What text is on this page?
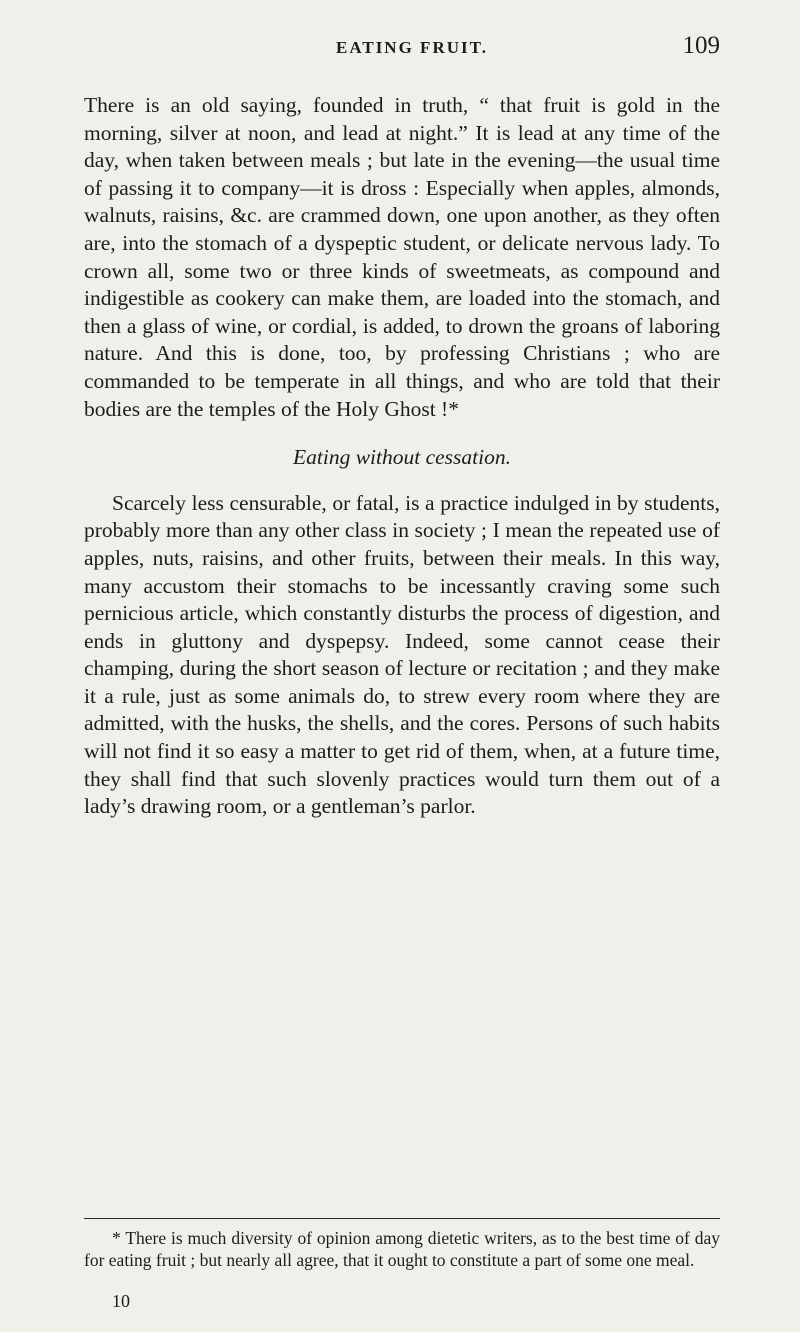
EATING FRUIT.	109

There is an old saying, founded in truth, “ that fruit is gold in the morning, silver at noon, and lead at night.” It is lead at any time of the day, when taken between meals ; but late in the evening—the usual time of passing it to company—it is dross : Especially when apples, almonds, walnuts, raisins, &c. are crammed down, one upon another, as they often are, into the stomach of a dyspeptic student, or delicate nervous lady. To crown all, some two or three kinds of sweetmeats, as compound and indigestible as cookery can make them, are loaded into the stomach, and then a glass of wine, or cordial, is added, to drown the groans of laboring nature. And this is done, too, by professing Christians ; who are commanded to be temperate in all things, and who are told that their bodies are the temples of the Holy Ghost !*

Eating without cessation.

Scarcely less censurable, or fatal, is a practice indulged in by students, probably more than any other class in society ; I mean the repeated use of apples, nuts, raisins, and other fruits, between their meals. In this way, many accustom their stomachs to be incessantly craving some such pernicious article, which constantly disturbs the process of digestion, and ends in gluttony and dyspepsy. Indeed, some cannot cease their champing, during the short season of lecture or recitation ; and they make it a rule, just as some animals do, to strew every room where they are admitted, with the husks, the shells, and the cores. Persons of such habits will not find it so easy a matter to get rid of them, when, at a future time, they shall find that such slovenly practices would turn them out of a lady’s drawing room, or a gentleman’s parlor.

* There is much diversity of opinion among dietetic writers, as to the best time of day for eating fruit ; but nearly all agree, that it ought to constitute a part of some one meal.
10
